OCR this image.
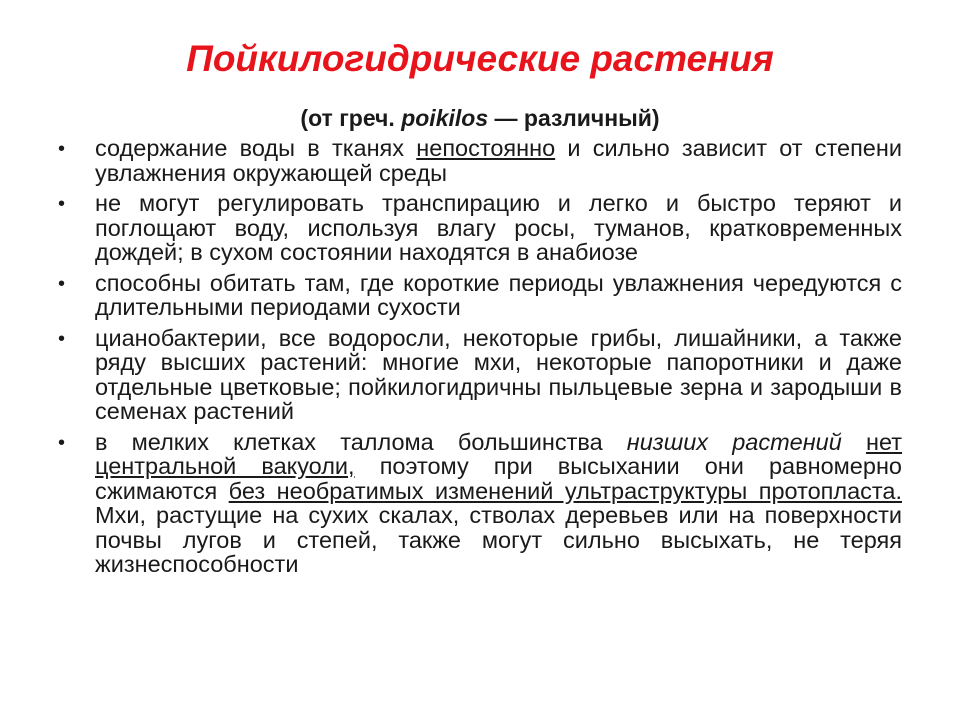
Пойкилогидрические растения

(от греч. poikilos — различный)

• содержание воды в тканях непостоянно и сильно зависит от степени увлажнения окружающей среды
• не могут регулировать транспирацию и легко и быстро теряют и поглощают воду, используя влагу росы, туманов, кратковременных дождей; в сухом состоянии находятся в анабиозе
• способны обитать там, где короткие периоды увлажнения чередуются с длительными периодами сухости
• цианобактерии, все водоросли, некоторые грибы, лишайники, а также ряду высших растений: многие мхи, некоторые папоротники и даже отдельные цветковые; пойкилогидричны пыльцевые зерна и зародыши в семенах растений
• в мелких клетках таллома большинства низших растений нет центральной вакуоли, поэтому при высыхании они равномерно сжимаются без необратимых изменений ультраструктуры протопласта. Мхи, растущие на сухих скалах, стволах деревьев или на поверхности почвы лугов и степей, также могут сильно высыхать, не теряя жизнеспособности
